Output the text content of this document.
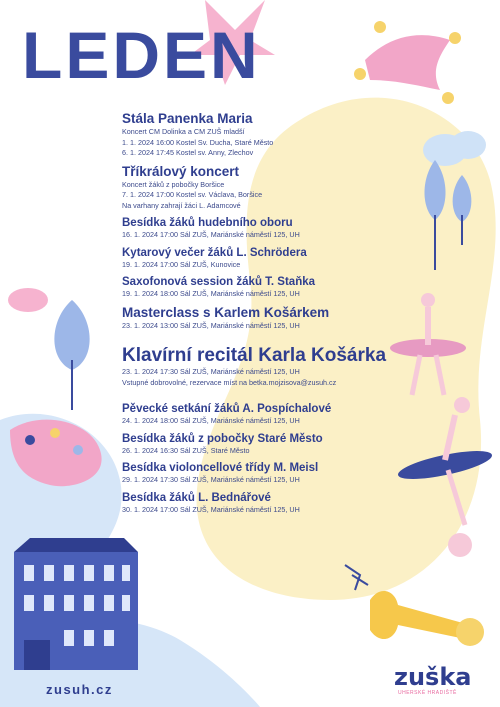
LEDEN
Stála Panenka Maria
Koncert CM Dolinka a CM ZUŠ mladší
1. 1. 2024 16:00 Kostel Sv. Ducha, Staré Město
6. 1. 2024 17:45 Kostel sv. Anny, Zlechov
Tříkrálový koncert
Koncert žáků z pobočky Boršice
7. 1. 2024 17:00 Kostel sv. Václava, Boršice
Na varhany zahrají žáci L. Adamcové
Besídka žáků hudebního oboru
16. 1. 2024 17:00 Sál ZUŠ, Mariánské náměstí 125, UH
Kytarový večer žáků L. Schrödera
19. 1. 2024 17:00 Sál ZUŠ, Kunovice
Saxofonová session žáků T. Staňka
19. 1. 2024 18:00 Sál ZUŠ, Mariánské náměstí 125, UH
Masterclass s Karlem Košárkem
23. 1. 2024 13:00 Sál ZUŠ, Mariánské náměstí 125, UH
Klavírní recitál Karla Košárka
23. 1. 2024 17:30 Sál ZUŠ, Mariánské náměstí 125, UH
Vstupné dobrovolné, rezervace míst na betka.mojzisova@zusuh.cz
Pěvecké setkání žáků A. Pospíchalové
24. 1. 2024 18:00 Sál ZUŠ, Mariánské náměstí 125, UH
Besídka žáků z pobočky Staré Město
26. 1. 2024 16:30 Sál ZUŠ, Staré Město
Besídka violoncellové třídy M. Meisl
29. 1. 2024 17:30 Sál ZUŠ, Mariánské náměstí 125, UH
Besídka žáků L. Bednářové
30. 1. 2024 17:00 Sál ZUŠ, Mariánské náměstí 125, UH
zusuh.cz	zuška
UHERSKÉ HRADIŠTĚ
